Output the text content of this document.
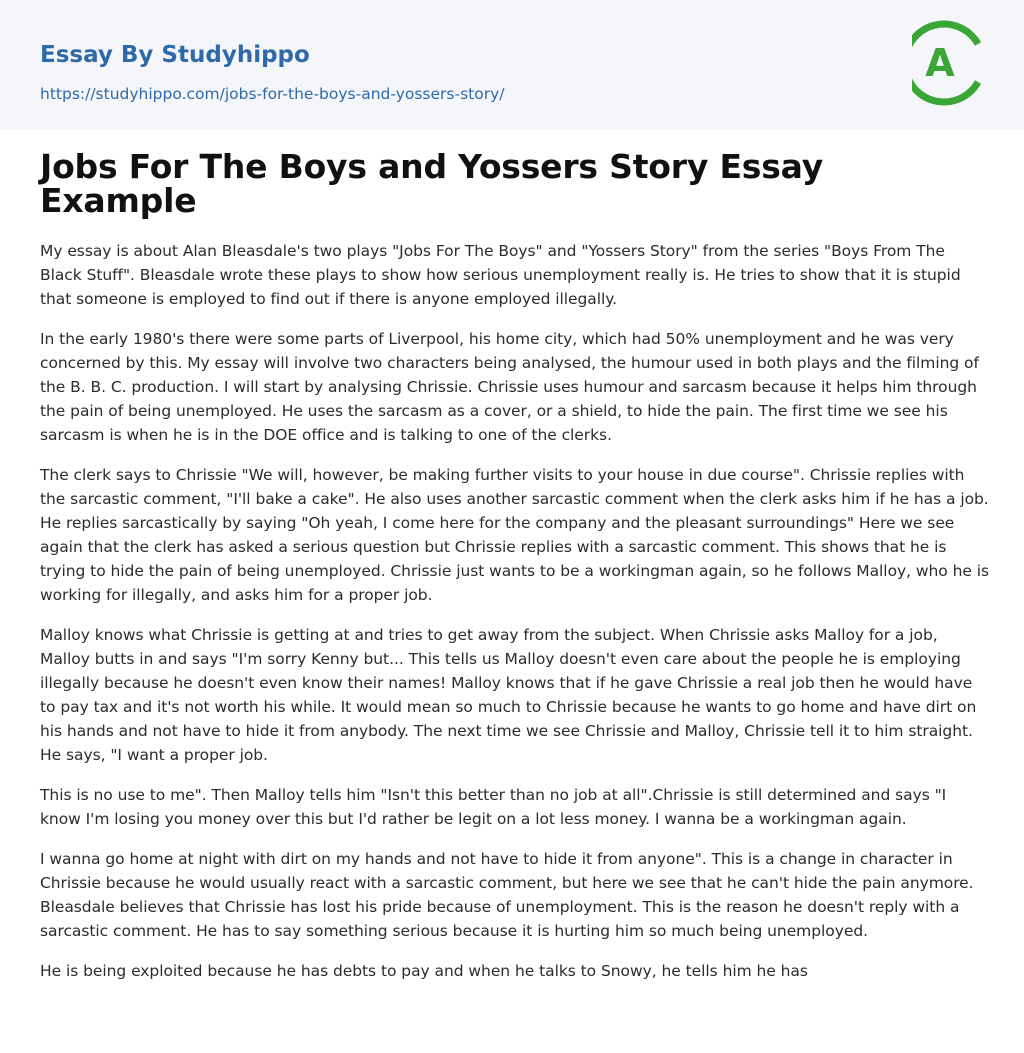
Essay By Studyhippo
https://studyhippo.com/jobs-for-the-boys-and-yossers-story/
A
Jobs For The Boys and Yossers Story Essay Example

My essay is about Alan Bleasdale's two plays "Jobs For The Boys" and "Yossers Story" from the series "Boys From The Black Stuff". Bleasdale wrote these plays to show how serious unemployment really is. He tries to show that it is stupid that someone is employed to find out if there is anyone employed illegally.

In the early 1980's there were some parts of Liverpool, his home city, which had 50% unemployment and he was very concerned by this. My essay will involve two characters being analysed, the humour used in both plays and the filming of the B. B. C. production. I will start by analysing Chrissie. Chrissie uses humour and sarcasm because it helps him through the pain of being unemployed. He uses the sarcasm as a cover, or a shield, to hide the pain. The first time we see his sarcasm is when he is in the DOE office and is talking to one of the clerks.

The clerk says to Chrissie "We will, however, be making further visits to your house in due course". Chrissie replies with the sarcastic comment, "I'll bake a cake". He also uses another sarcastic comment when the clerk asks him if he has a job. He replies sarcastically by saying "Oh yeah, I come here for the company and the pleasant surroundings" Here we see again that the clerk has asked a serious question but Chrissie replies with a sarcastic comment. This shows that he is trying to hide the pain of being unemployed. Chrissie just wants to be a workingman again, so he follows Malloy, who he is working for illegally, and asks him for a proper job.

Malloy knows what Chrissie is getting at and tries to get away from the subject. When Chrissie asks Malloy for a job, Malloy butts in and says "I'm sorry Kenny but... This tells us Malloy doesn't even care about the people he is employing illegally because he doesn't even know their names! Malloy knows that if he gave Chrissie a real job then he would have to pay tax and it's not worth his while. It would mean so much to Chrissie because he wants to go home and have dirt on his hands and not have to hide it from anybody. The next time we see Chrissie and Malloy, Chrissie tell it to him straight. He says, "I want a proper job.

This is no use to me". Then Malloy tells him "Isn't this better than no job at all".Chrissie is still determined and says "I know I'm losing you money over this but I'd rather be legit on a lot less money. I wanna be a workingman again.

I wanna go home at night with dirt on my hands and not have to hide it from anyone". This is a change in character in Chrissie because he would usually react with a sarcastic comment, but here we see that he can't hide the pain anymore. Bleasdale believes that Chrissie has lost his pride because of unemployment. This is the reason he doesn't reply with a sarcastic comment. He has to say something serious because it is hurting him so much being unemployed.

He is being exploited because he has debts to pay and when he talks to Snowy, he tells him he has
